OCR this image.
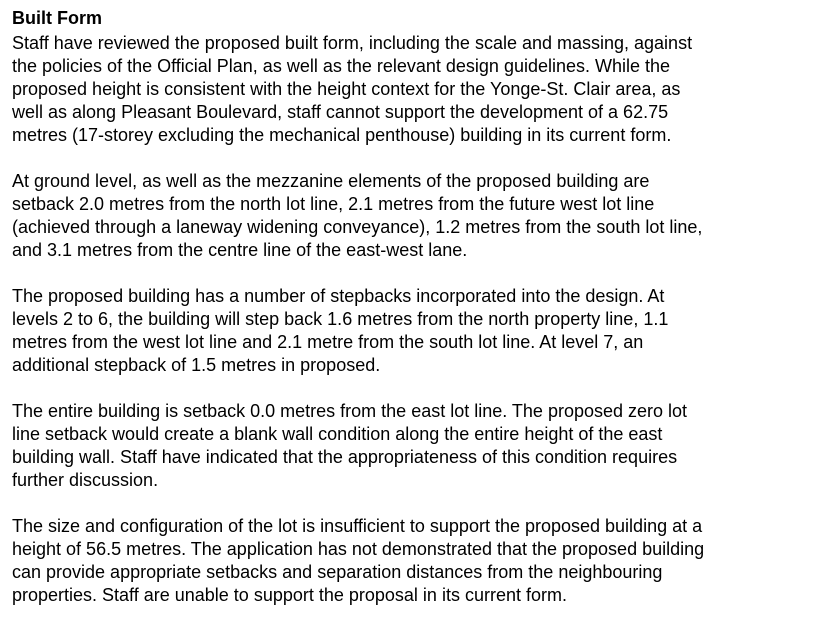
Built Form
Staff have reviewed the proposed built form, including the scale and massing, against
the policies of the Official Plan, as well as the relevant design guidelines. While the
proposed height is consistent with the height context for the Yonge-St. Clair area, as
well as along Pleasant Boulevard, staff cannot support the development of a 62.75
metres (17-storey excluding the mechanical penthouse) building in its current form.
At ground level, as well as the mezzanine elements of the proposed building are
setback 2.0 metres from the north lot line, 2.1 metres from the future west lot line
(achieved through a laneway widening conveyance), 1.2 metres from the south lot line,
and 3.1 metres from the centre line of the east-west lane.
The proposed building has a number of stepbacks incorporated into the design. At
levels 2 to 6, the building will step back 1.6 metres from the north property line, 1.1
metres from the west lot line and 2.1 metre from the south lot line. At level 7, an
additional stepback of 1.5 metres in proposed.
The entire building is setback 0.0 metres from the east lot line. The proposed zero lot
line setback would create a blank wall condition along the entire height of the east
building wall. Staff have indicated that the appropriateness of this condition requires
further discussion.
The size and configuration of the lot is insufficient to support the proposed building at a
height of 56.5 metres. The application has not demonstrated that the proposed building
can provide appropriate setbacks and separation distances from the neighbouring
properties. Staff are unable to support the proposal in its current form.
